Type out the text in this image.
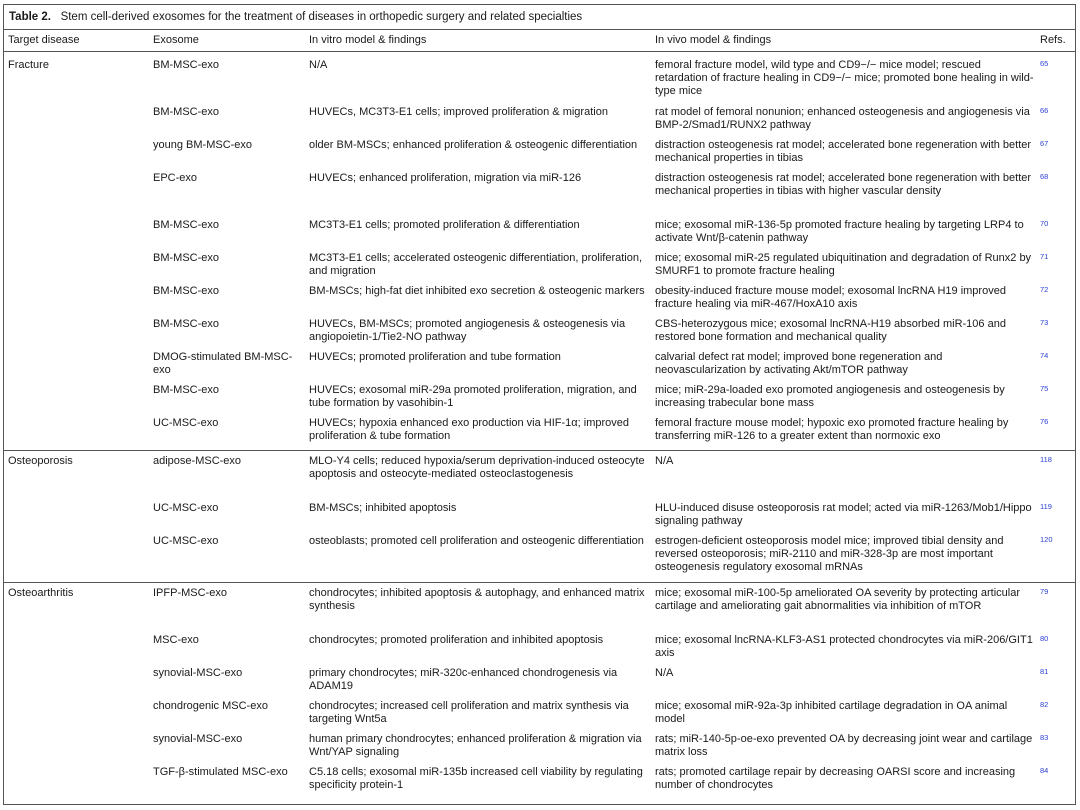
Table 2. Stem cell-derived exosomes for the treatment of diseases in orthopedic surgery and related specialties
Target disease	Exosome	In vitro model & findings	In vivo model & findings	Refs.
Fracture	BM-MSC-exo	N/A	femoral fracture model, wild type and CD9−/− mice model; rescued retardation of fracture healing in CD9−/− mice; promoted bone healing in wild-type mice	$^{65}$
	BM-MSC-exo	HUVECs, MC3T3-E1 cells; improved proliferation & migration	rat model of femoral nonunion; enhanced osteogenesis and angiogenesis via BMP-2/Smad1/RUNX2 pathway	$^{66}$
	young BM-MSC-exo	older BM-MSCs; enhanced proliferation & osteogenic differentiation	distraction osteogenesis rat model; accelerated bone regeneration with better mechanical properties in tibias	$^{67}$
	EPC-exo	HUVECs; enhanced proliferation, migration via miR-126	distraction osteogenesis rat model; accelerated bone regeneration with better mechanical properties in tibias with higher vascular density	$^{68}$
	BM-MSC-exo	MC3T3-E1 cells; promoted proliferation & differentiation	mice; exosomal miR-136-5p promoted fracture healing by targeting LRP4 to activate Wnt/β-catenin pathway	$^{70}$
	BM-MSC-exo	MC3T3-E1 cells; accelerated osteogenic differentiation, proliferation, and migration	mice; exosomal miR-25 regulated ubiquitination and degradation of Runx2 by SMURF1 to promote fracture healing	$^{71}$
	BM-MSC-exo	BM-MSCs; high-fat diet inhibited exo secretion & osteogenic markers	obesity-induced fracture mouse model; exosomal lncRNA H19 improved fracture healing via miR-467/HoxA10 axis	$^{72}$
	BM-MSC-exo	HUVECs, BM-MSCs; promoted angiogenesis & osteogenesis via angiopoietin-1/Tie2-NO pathway	CBS-heterozygous mice; exosomal lncRNA-H19 absorbed miR-106 and restored bone formation and mechanical quality	$^{73}$
	DMOG-stimulated BM-MSC-exo	HUVECs; promoted proliferation and tube formation	calvarial defect rat model; improved bone regeneration and neovascularization by activating Akt/mTOR pathway	$^{74}$
	BM-MSC-exo	HUVECs; exosomal miR-29a promoted proliferation, migration, and tube formation by vasohibin-1	mice; miR-29a-loaded exo promoted angiogenesis and osteogenesis by increasing trabecular bone mass	$^{75}$
	UC-MSC-exo	HUVECs; hypoxia enhanced exo production via HIF-1α; improved proliferation & tube formation	femoral fracture mouse model; hypoxic exo promoted fracture healing by transferring miR-126 to a greater extent than normoxic exo	$^{76}$
Osteoporosis	adipose-MSC-exo	MLO-Y4 cells; reduced hypoxia/serum deprivation-induced osteocyte apoptosis and osteocyte-mediated osteoclastogenesis	N/A	$^{118}$
	UC-MSC-exo	BM-MSCs; inhibited apoptosis	HLU-induced disuse osteoporosis rat model; acted via miR-1263/Mob1/Hippo signaling pathway	$^{119}$
	UC-MSC-exo	osteoblasts; promoted cell proliferation and osteogenic differentiation	estrogen-deficient osteoporosis model mice; improved tibial density and reversed osteoporosis; miR-2110 and miR-328-3p are most important osteogenesis regulatory exosomal mRNAs	$^{120}$
Osteoarthritis	IPFP-MSC-exo	chondrocytes; inhibited apoptosis & autophagy, and enhanced matrix synthesis	mice; exosomal miR-100-5p ameliorated OA severity by protecting articular cartilage and ameliorating gait abnormalities via inhibition of mTOR	$^{79}$
	MSC-exo	chondrocytes; promoted proliferation and inhibited apoptosis	mice; exosomal lncRNA-KLF3-AS1 protected chondrocytes via miR-206/GIT1 axis	$^{80}$
	synovial-MSC-exo	primary chondrocytes; miR-320c-enhanced chondrogenesis via ADAM19	N/A	$^{81}$
	chondrogenic MSC-exo	chondrocytes; increased cell proliferation and matrix synthesis via targeting Wnt5a	mice; exosomal miR-92a-3p inhibited cartilage degradation in OA animal model	$^{82}$
	synovial-MSC-exo	human primary chondrocytes; enhanced proliferation & migration via Wnt/YAP signaling	rats; miR-140-5p-oe-exo prevented OA by decreasing joint wear and cartilage matrix loss	$^{83}$
	TGF-β-stimulated MSC-exo	C5.18 cells; exosomal miR-135b increased cell viability by regulating specificity protein-1	rats; promoted cartilage repair by decreasing OARSI score and increasing number of chondrocytes	$^{84}$
